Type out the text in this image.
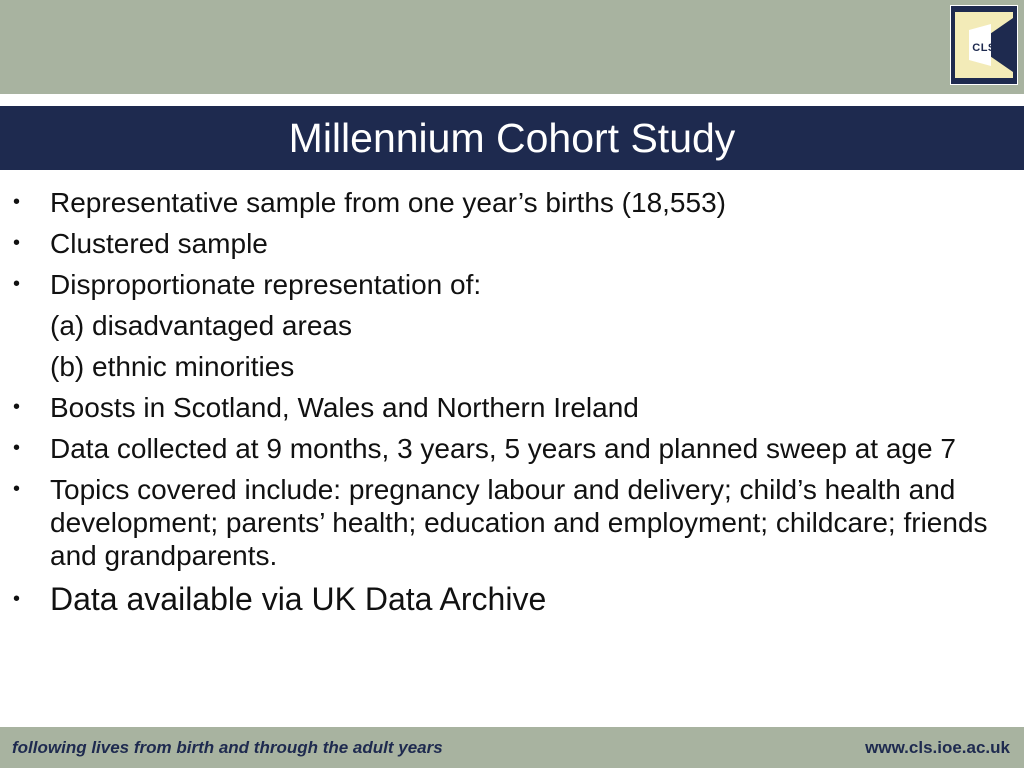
CLS
Millennium Cohort Study
• Representative sample from one year’s births (18,553)
• Clustered sample
• Disproportionate representation of:
(a) disadvantaged areas
(b) ethnic minorities
• Boosts in Scotland, Wales and Northern Ireland
• Data collected at 9 months, 3 years, 5 years and planned sweep at age 7
• Topics covered include: pregnancy labour and delivery; child’s health and development; parents’ health; education and employment; childcare; friends and grandparents.
• Data available via UK Data Archive
following lives from birth and through the adult years	www.cls.ioe.ac.uk
